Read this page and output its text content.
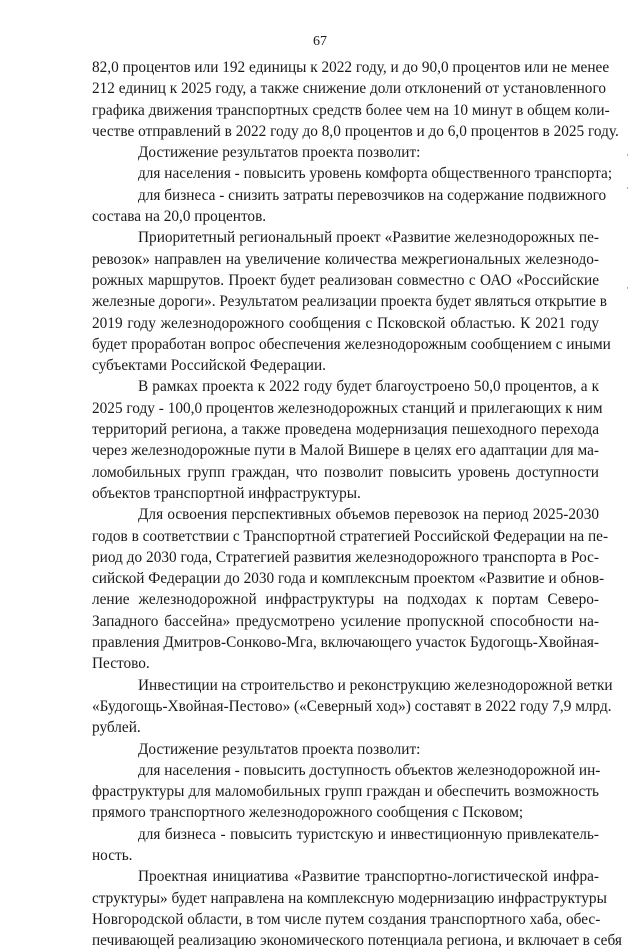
67
82,0 процентов или 192 единицы к 2022 году, и до 90,0 процентов или не менее
212 единиц к 2025 году, а также снижение доли отклонений от установленного
графика движения транспортных средств более чем на 10 минут в общем коли-
честве отправлений в 2022 году до 8,0 процентов и до 6,0 процентов в 2025 году.
Достижение результатов проекта позволит:
для населения - повысить уровень комфорта общественного транспорта;
для бизнеса - снизить затраты перевозчиков на содержание подвижного
состава на 20,0 процентов.
Приоритетный региональный проект «Развитие железнодорожных пе-
ревозок» направлен на увеличение количества межрегиональных железнодо-
рожных маршрутов. Проект будет реализован совместно с ОАО «Российские
железные дороги». Результатом реализации проекта будет являться открытие в
2019 году железнодорожного сообщения с Псковской областью. К 2021 году
будет проработан вопрос обеспечения железнодорожным сообщением с иными
субъектами Российской Федерации.
В рамках проекта к 2022 году будет благоустроено 50,0 процентов, а к
2025 году - 100,0 процентов железнодорожных станций и прилегающих к ним
территорий региона, а также проведена модернизация пешеходного перехода
через железнодорожные пути в Малой Вишере в целях его адаптации для ма-
ломобильных групп граждан, что позволит повысить уровень доступности
объектов транспортной инфраструктуры.
Для освоения перспективных объемов перевозок на период 2025-2030
годов в соответствии с Транспортной стратегией Российской Федерации на пе-
риод до 2030 года, Стратегией развития железнодорожного транспорта в Рос-
сийской Федерации до 2030 года и комплексным проектом «Развитие и обнов-
ление железнодорожной инфраструктуры на подходах к портам Северо-
Западного бассейна» предусмотрено усиление пропускной способности на-
правления Дмитров-Сонково-Мга, включающего участок Будогощь-Хвойная-
Пестово.
Инвестиции на строительство и реконструкцию железнодорожной ветки
«Будогощь-Хвойная-Пестово» («Северный ход») составят в 2022 году 7,9 млрд.
рублей.
Достижение результатов проекта позволит:
для населения - повысить доступность объектов железнодорожной ин-
фраструктуры для маломобильных групп граждан и обеспечить возможность
прямого транспортного железнодорожного сообщения с Псковом;
для бизнеса - повысить туристскую и инвестиционную привлекатель-
ность.
Проектная инициатива «Развитие транспортно-логистической инфра-
структуры» будет направлена на комплексную модернизацию инфраструктуры
Новгородской области, в том числе путем создания транспортного хаба, обес-
печивающей реализацию экономического потенциала региона, и включает в себя
·
·
·
